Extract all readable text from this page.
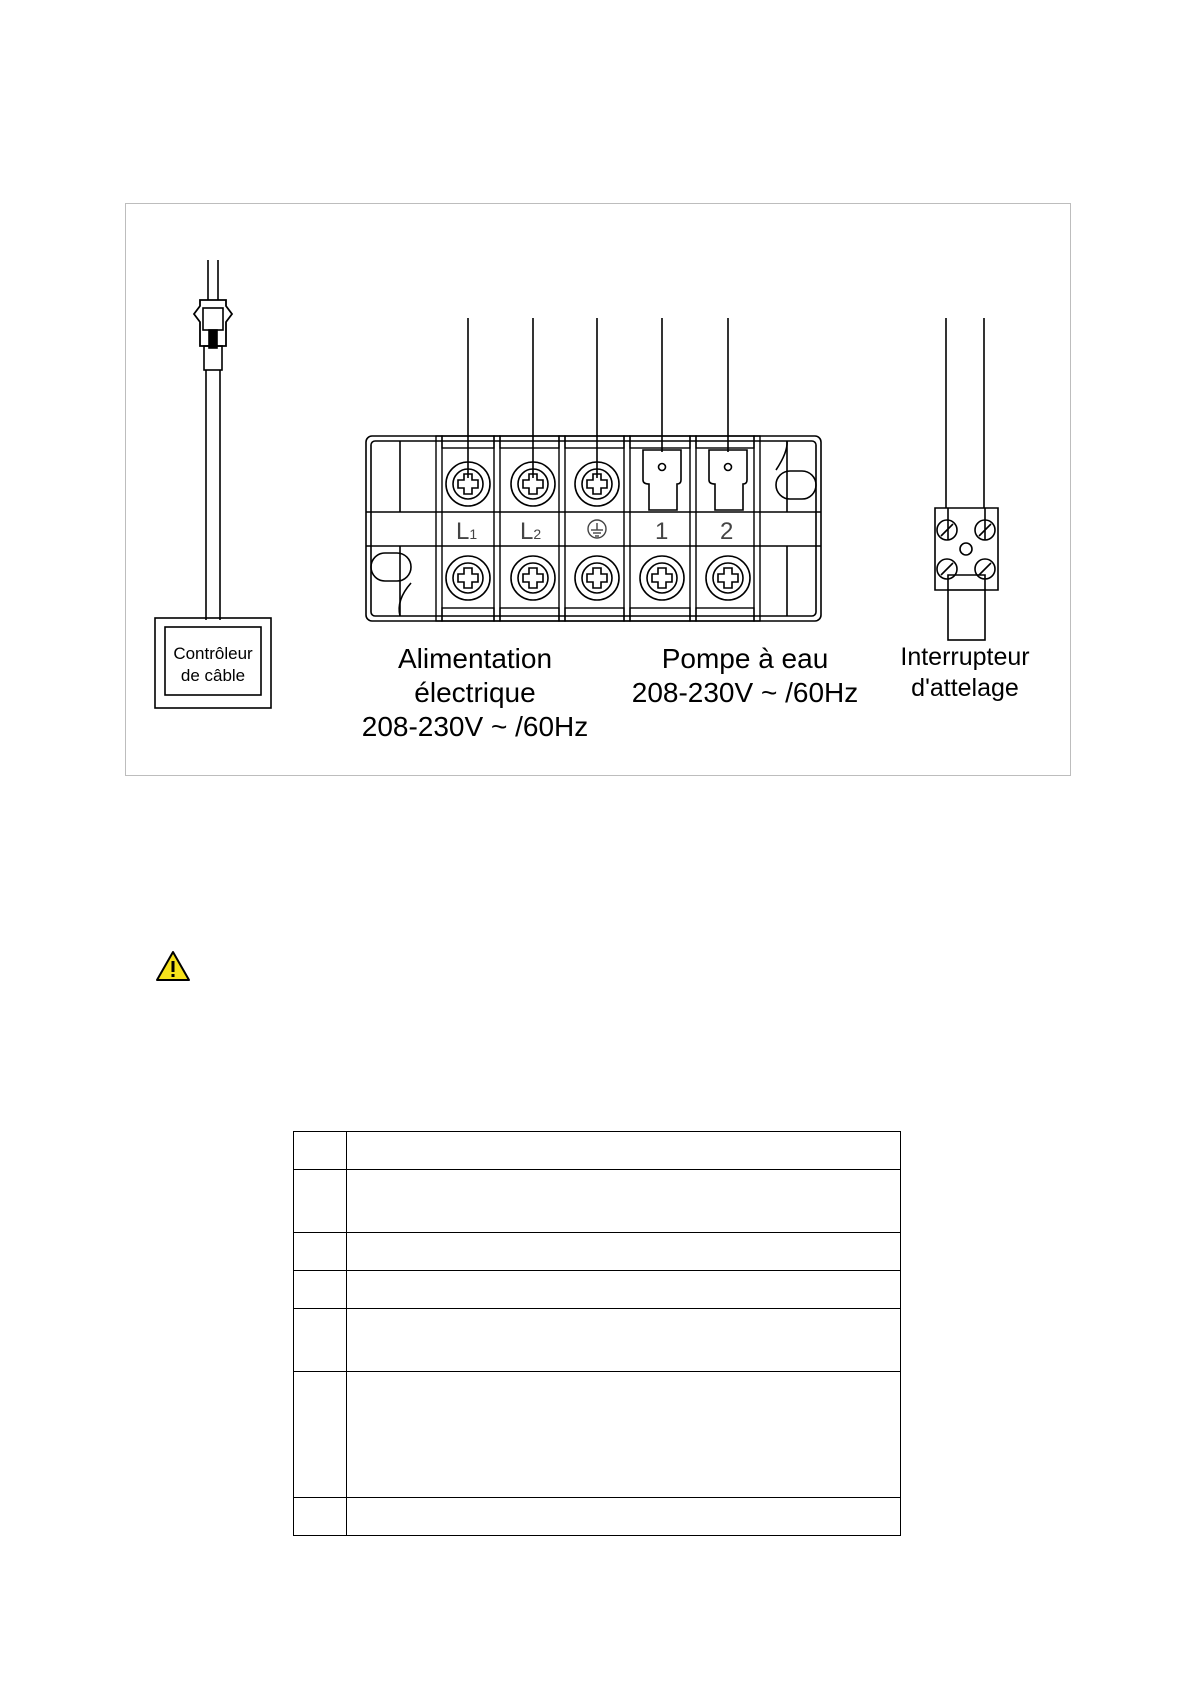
L1 L2	1 2
Contrôleur
de câble
Alimentation
électrique
208-230V ~ /60Hz
Pompe à eau
208-230V ~ /60Hz
Interrupteur
d'attelage
